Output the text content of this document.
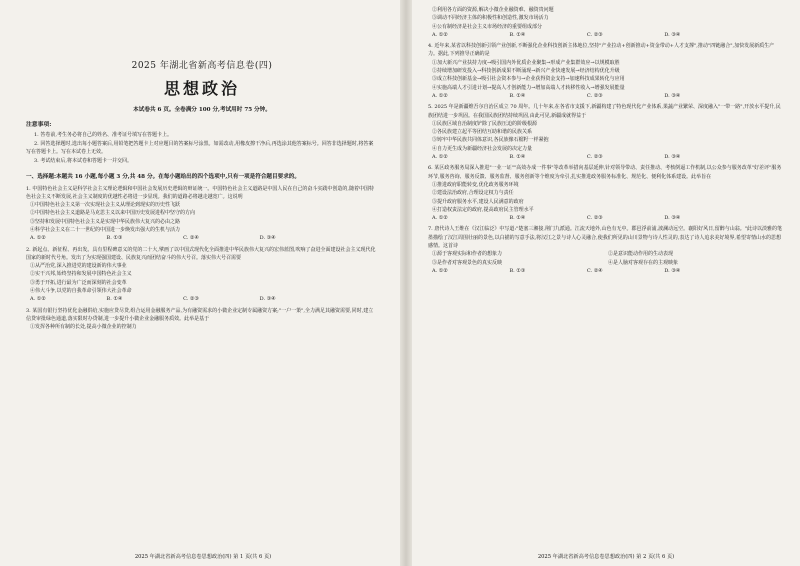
2025 年湖北省新高考信息卷(四)
思想政治
本试卷共 6 页。全卷满分 100 分,考试用时 75 分钟。
注意事项:
1. 答卷前,考生务必将自己的姓名、准考证号填写在答题卡上。
2. 回答选择题时,选出每小题答案后,用铅笔把答题卡上对应题目的答案标号涂黑。如需改动,用橡皮擦干净后,再选涂其他答案标号。回答非选择题时,将答案写在答题卡上。写在本试卷上无效。
3. 考试结束后,将本试卷和答题卡一并交回。
一、选择题:本题共 16 小题,每小题 3 分,共 48 分。在每小题给出的四个选项中,只有一项是符合题目要求的。
1. 中国特色社会主义是科学社会主义理论逻辑和中国社会发展历史逻辑的辩证统一。中国特色社会主义道路是中国人民在自己的奋斗实践中创造的,随着中国特色社会主义不断发展,社会主义制度的优越性必将进一步显现。我们的道路必将越走越宽广。这说明
①中国特色社会主义第一次实现社会主义从理论到现实的历史性飞跃
②中国特色社会主义道路是马克思主义以来中国历史发展进程中坚守的方向
③坚持和发展中国特色社会主义是实现中华民族伟大复兴的必由之路
④科学社会主义在二十一世纪的中国进一步焕发出强大的生机与活力
A. ①②	B. ①③	C. ②④	D. ③④
2. 新起点、新征程、再出发。具有里程碑意义的党的二十大,擘画了以中国式现代化全面推进中华民族伟大复兴的宏伟蓝图,吹响了奋进全面建设社会主义现代化国家的新时代号角。发出了为实现强国建设、民族复兴而团结奋斗的伟大号召。落实伟大号召需要
①从严治党,深入推进党的建设新的伟大事业
②实干兴邦,始终坚持和发展中国特色社会主义
③勇于开拓,进行最为广泛而深刻的社会变革
④伟大斗争,以党的自我革命引领伟大社会革命
A. ①②	B. ①④	C. ②③	D. ③④
3. 某国有银行坚持优化金融供给,实施应贷尽贷,组合运用金融服务产品,为有融资需求的小微企业定制专属融资方案;"一户一策",全力满足其融资需要,同时,建立信贷审批绿色通道,落实限时办贷制,进一步提升小微企业金融服务质效。此举是基于
①发挥各种所有制的长处,提高小微企业的控制力
2025 年湖北省新高考信息卷思想政治(四) 第 1 页(共 6 页)
②利用各方面的资源,解决小微企业融资难、融资贵问题
③调动不同经济主体的积极性和创造性,激发市场活力
④公有制经济是社会主义市场经济的重要组成部分
A. ①②	B. ①④	C. ②③	D. ③④
4. 近年来,某省以科技创新引领产业创新,不断强化企业科技创新主体地位,坚持"产业拉动+创新推动+资金带动+人才支撑",推动"四链融合",加快发展新质生产力。据此,下列推导正确的是
①加大新兴产业扶持力度→吸引国内外优质企业聚集→形成产业集群效应→以规模取胜
②持续增加研发投入→科技创新成果不断涌现→新兴产业快速发展→经济结构优化升级
③成立科技创新基金→吸引社会资本参与→企业获得资金支持→加速科技成果转化与应用
④实施高端人才引进计划→提高人才创新能力→增加高端人才转移性收入→增强发展能量
A. ①②	B. ①④	C. ②③	D. ③④
5. 2025 年是新疆维吾尔自治区成立 70 周年。几十年来,在各省市支援下,新疆构建了特色现代化产业体系,果蔬产业繁荣、深度融入"一带一路",开放水平提升,民族团结进一步巩固。在我国民族团结持续巩固,由此可见,新疆成就得益于
①民族区域自治制度铲除了民族压迫的阶级根源
②各民族建立起平等团结互助和谐的民族关系
③铸牢中华民族共同体意识,各民族像石榴籽一样紧抱
④自力更生成为新疆经济社会发展的决定力量
A. ①②	B. ①④	C. ②③	D. ③④
6. 某区政务服务局深入推进"一业一证""高效办成一件事"等改革举措向基层延伸,针对领导带动、责任推动、考核倒逼工作机制,以公众参与服务改革"好差评"服务环节,服务咨询、服务反馈、服务监督、服务创新等个维度为牵引,扎实推进政务服务标准化、规范化、便利化体系建设。此举旨在
①推进政府职能转变,优化政务服务环境
②建设法治政府,合理设定权力与责任
③提升政府服务水平,建设人民满意的政府
④打造权责法定的政府,提高政府民主管理水平
A. ①②	B. ①④	C. ②③	D. ③④
7. 唐代诗人王维在《汉江临泛》中写道:"楚塞三湘接,荆门九派通。江流天地外,山色有无中。郡邑浮前浦,波澜动远空。襄阳好风日,留醉与山翁。"此诗以淡雅的笔墨描绘了汉江周围壮丽的景色,以白描的写意手法,将汉江之景与诗人心灵融合,使我们所见的山川景物与诗人性灵的,表达了诗人追求美好境界,希望寄情山水的思想感情。这首诗
①源于客观实际和作者的想象力	②是意识能动作用的生动表现
③是作者对客观景色的真实反映	④是人脑对客观存在的主观映象
A. ①②	B. ①③	C. ②④	D. ③④
2025 年湖北省新高考信息卷思想政治(四) 第 2 页(共 6 页)
